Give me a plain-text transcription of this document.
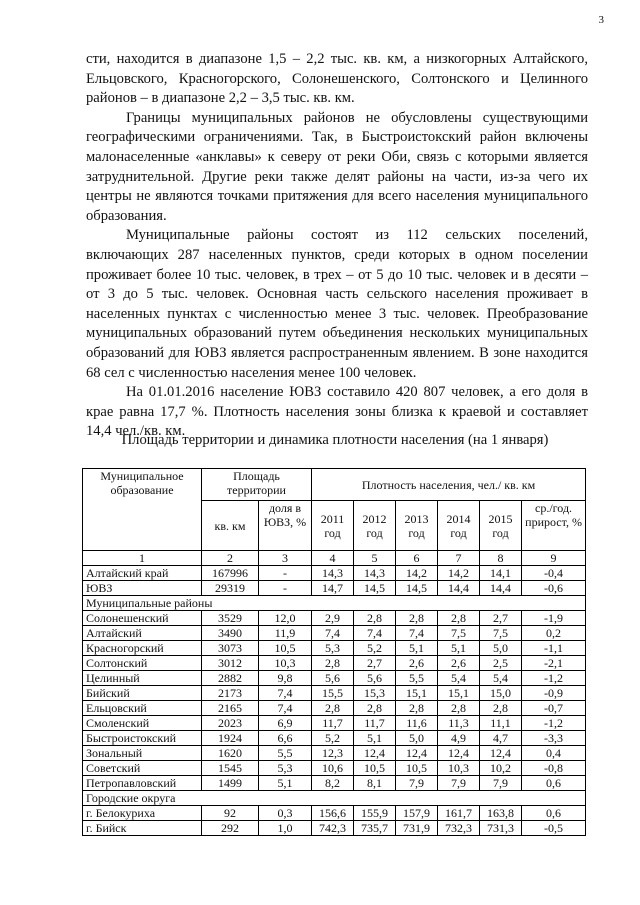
3

сти, находится в диапазоне 1,5 – 2,2 тыс. кв. км, а низкогорных Алтайского, Ельцовского, Красногорского, Солонешенского, Солтонского и Целинного районов – в диапазоне 2,2 – 3,5 тыс. кв. км.

Границы муниципальных районов не обусловлены существующими географическими ограничениями. Так, в Быстроистокский район включены малонаселенные «анклавы» к северу от реки Оби, связь с которыми является затруднительной. Другие реки также делят районы на части, из-за чего их центры не являются точками притяжения для всего населения муниципального образования.

Муниципальные районы состоят из 112 сельских поселений, включающих 287 населенных пунктов, среди которых в одном поселении проживает более 10 тыс. человек, в трех – от 5 до 10 тыс. человек и в десяти – от 3 до 5 тыс. человек. Основная часть сельского населения проживает в населенных пунктах с численностью менее 3 тыс. человек. Преобразование муниципальных образований путем объединения нескольких муниципальных образований для ЮВЗ является распространенным явлением. В зоне находится 68 сел с численностью населения менее 100 человек.

На 01.01.2016 население ЮВЗ составило 420 807 человек, а его доля в крае равна 17,7 %. Плотность населения зоны близка к краевой и составляет 14,4 чел./кв. км.

Площадь территории и динамика плотности населения (на 1 января)
Муниципальное образование	Площадь территории		Плотность населения, чел./ кв. км					
	кв. км	доля в ЮВЗ, %	2011 год	2012 год	2013 год	2014 год	2015 год	ср./год. прирост, %
1	2	3	4	5	6	7	8	9
Алтайский край	167996	-	14,3	14,3	14,2	14,2	14,1	-0,4
ЮВЗ	29319	-	14,7	14,5	14,5	14,4	14,4	-0,6
Муниципальные районы								
Солонешенский	3529	12,0	2,9	2,8	2,8	2,8	2,7	-1,9
Алтайский	3490	11,9	7,4	7,4	7,4	7,5	7,5	0,2
Красногорский	3073	10,5	5,3	5,2	5,1	5,1	5,0	-1,1
Солтонский	3012	10,3	2,8	2,7	2,6	2,6	2,5	-2,1
Целинный	2882	9,8	5,6	5,6	5,5	5,4	5,4	-1,2
Бийский	2173	7,4	15,5	15,3	15,1	15,1	15,0	-0,9
Ельцовский	2165	7,4	2,8	2,8	2,8	2,8	2,8	-0,7
Смоленский	2023	6,9	11,7	11,7	11,6	11,3	11,1	-1,2
Быстроистокский	1924	6,6	5,2	5,1	5,0	4,9	4,7	-3,3
Зональный	1620	5,5	12,3	12,4	12,4	12,4	12,4	0,4
Советский	1545	5,3	10,6	10,5	10,5	10,3	10,2	-0,8
Петропавловский	1499	5,1	8,2	8,1	7,9	7,9	7,9	0,6
Городские округа								
г. Белокуриха	92	0,3	156,6	155,9	157,9	161,7	163,8	0,6
г. Бийск	292	1,0	742,3	735,7	731,9	732,3	731,3	-0,5
